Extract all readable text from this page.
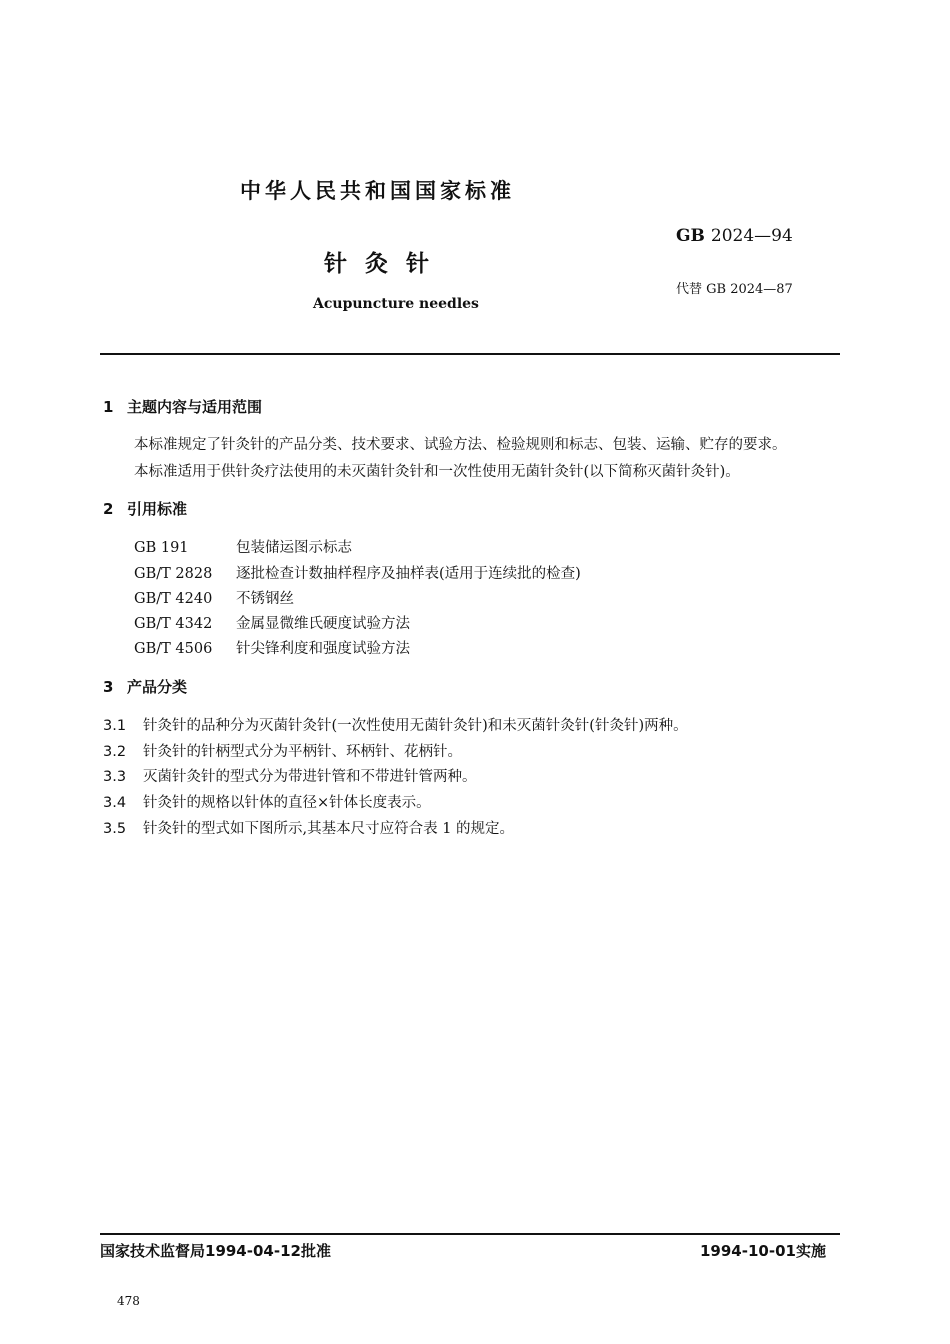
中华人民共和国国家标准
GB 2024—94
针灸针
代替 GB 2024—87
Acupuncture needles
1 主题内容与适用范围
本标准规定了针灸针的产品分类、技术要求、试验方法、检验规则和标志、包装、运输、贮存的要求。
本标准适用于供针灸疗法使用的未灭菌针灸针和一次性使用无菌针灸针(以下简称灭菌针灸针)。
2 引用标准
GB 191	包装储运图示标志
GB/T 2828 逐批检查计数抽样程序及抽样表(适用于连续批的检查)
GB/T 4240 不锈钢丝
GB/T 4342 金属显微维氏硬度试验方法
GB/T 4506 针尖锋利度和强度试验方法
3 产品分类
3.1 针灸针的品种分为灭菌针灸针(一次性使用无菌针灸针)和未灭菌针灸针(针灸针)两种。
3.2 针灸针的针柄型式分为平柄针、环柄针、花柄针。
3.3 灭菌针灸针的型式分为带进针管和不带进针管两种。
3.4 针灸针的规格以针体的直径×针体长度表示。
3.5 针灸针的型式如下图所示,其基本尺寸应符合表 1 的规定。
国家技术监督局1994-04-12批准	1994-10-01实施
478
